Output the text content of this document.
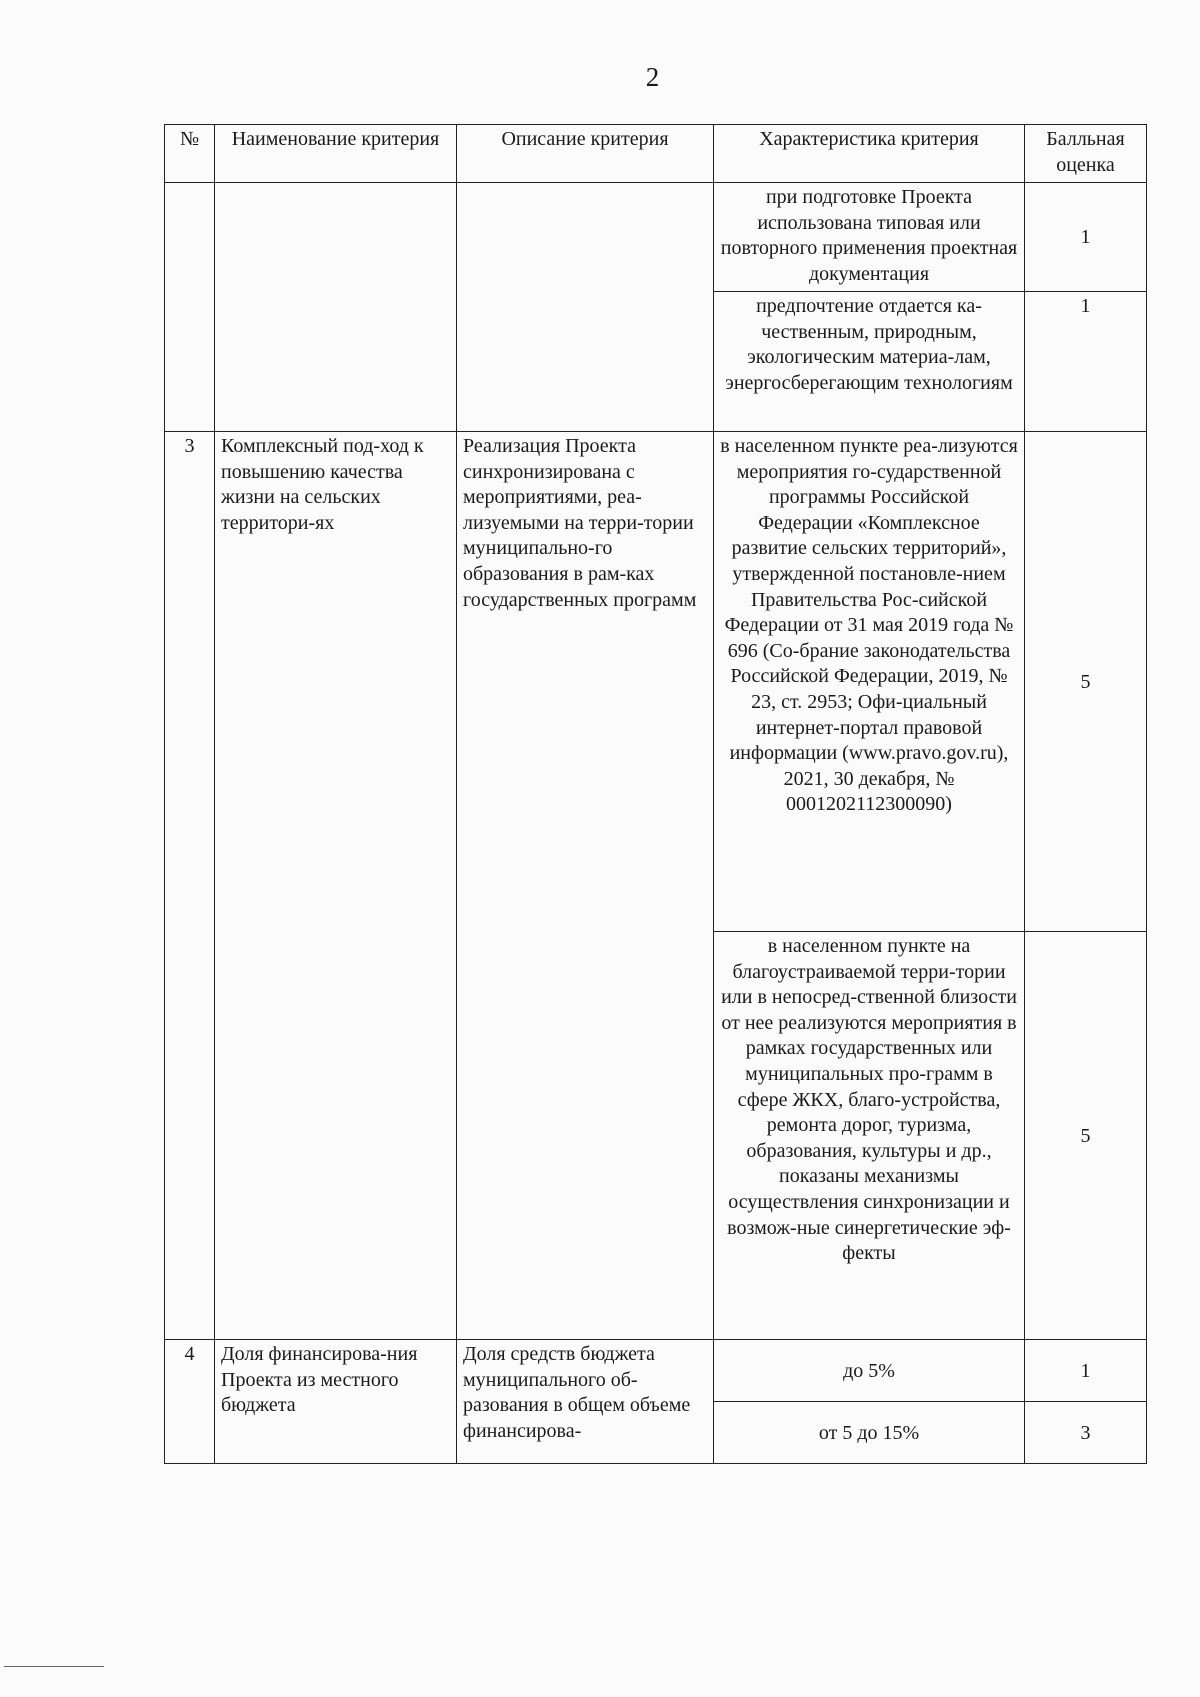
2
№	Наименование критерия	Описание критерия	Характеристика критерия	Балльная оценка
			при подготовке Проекта использована типовая или повторного применения проектная документация	1
			предпочтение отдается ка-чественным, природным, экологическим материа-лам, энергосберегающим технологиям	1
3	Комплексный под-ход к повышению качества жизни на сельских территори-ях	Реализация Проекта синхронизирована с мероприятиями, реа-лизуемыми на терри-тории муниципально-го образования в рам-ках государственных программ	в населенном пункте реа-лизуются мероприятия го-сударственной программы Российской Федерации «Комплексное развитие сельских территорий», утвержденной постановле-нием Правительства Рос-сийской Федерации от 31 мая 2019 года № 696 (Со-брание законодательства Российской Федерации, 2019, № 23, ст. 2953; Офи-циальный интернет-портал правовой информации (www.pravo.gov.ru), 2021, 30 декабря, № 0001202112300090)	5
			в населенном пункте на благоустраиваемой терри-тории или в непосред-ственной близости от нее реализуются мероприятия в рамках государственных или муниципальных про-грамм в сфере ЖКХ, благо-устройства, ремонта дорог, туризма, образования, культуры и др., показаны механизмы осуществления синхронизации и возмож-ные синергетические эф-фекты	5
4	Доля финансирова-ния Проекта из местного бюджета	Доля средств бюджета муниципального об-разования в общем объеме финансирова-	до 5%	1
			от 5 до 15%	3
